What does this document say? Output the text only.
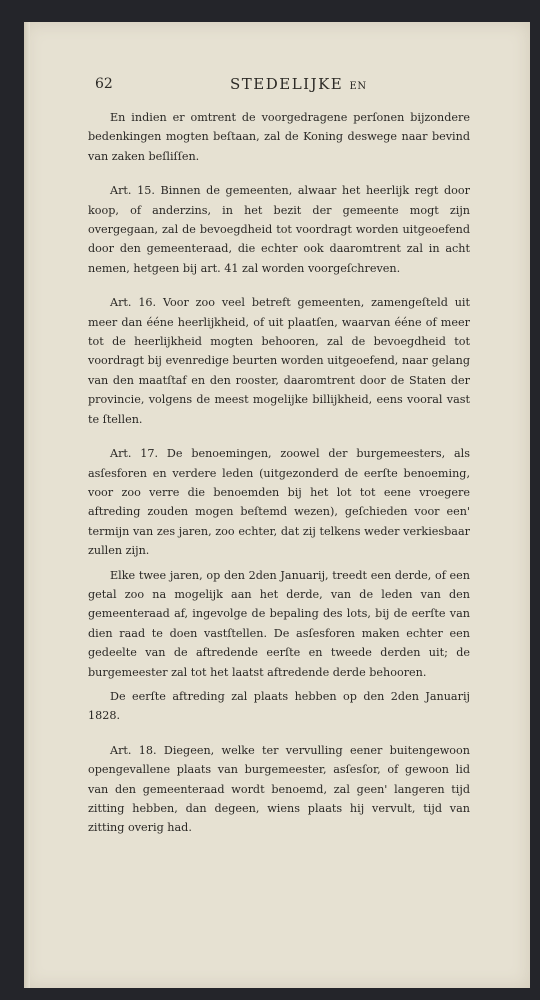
62	STEDELIJKE EN

En indien er omtrent de voorgedragene perſonen bijzondere bedenkingen mogten beſtaan, zal de Koning deswege naar bevind van zaken beſliſſen.

Art. 15. Binnen de gemeenten, alwaar het heerlijk regt door koop, of anderzins, in het bezit der gemeente mogt zijn overgegaan, zal de bevoegdheid tot voordragt worden uitgeoefend door den gemeenteraad, die echter ook daaromtrent zal in acht nemen, hetgeen bij art. 41 zal worden voorgeſchreven.

Art. 16. Voor zoo veel betreft gemeenten, zamengeſteld uit meer dan ééne heerlijkheid, of uit plaatſen, waarvan ééne of meer tot de heerlijkheid mogten behooren, zal de bevoegdheid tot voordragt bij evenredige beurten worden uitgeoefend, naar gelang van den maatſtaf en den rooster, daaromtrent door de Staten der provincie, volgens de meest mogelijke billijkheid, eens vooral vast te ſtellen.

Art. 17. De benoemingen, zoowel der burgemeesters, als asſesforen en verdere leden (uitgezonderd de eerſte benoeming, voor zoo verre die benoemden bij het lot tot eene vroegere aftreding zouden mogen beſtemd wezen), geſchieden voor een' termijn van zes jaren, zoo echter, dat zij telkens weder verkiesbaar zullen zijn.

Elke twee jaren, op den 2den Januarij, treedt een derde, of een getal zoo na mogelijk aan het derde, van de leden van den gemeenteraad af, ingevolge de bepaling des lots, bij de eerſte van dien raad te doen vastſtellen. De asſesforen maken echter een gedeelte van de aftredende eerſte en tweede derden uit; de burgemeester zal tot het laatst aftredende derde behooren.

De eerſte aftreding zal plaats hebben op den 2den Januarij 1828.

Art. 18. Diegeen, welke ter vervulling eener buitengewoon opengevallene plaats van burgemeester, asſesſor, of gewoon lid van den gemeenteraad wordt benoemd, zal geen' langeren tijd zitting hebben, dan degeen, wiens plaats hij vervult, tijd van zitting overig had.
